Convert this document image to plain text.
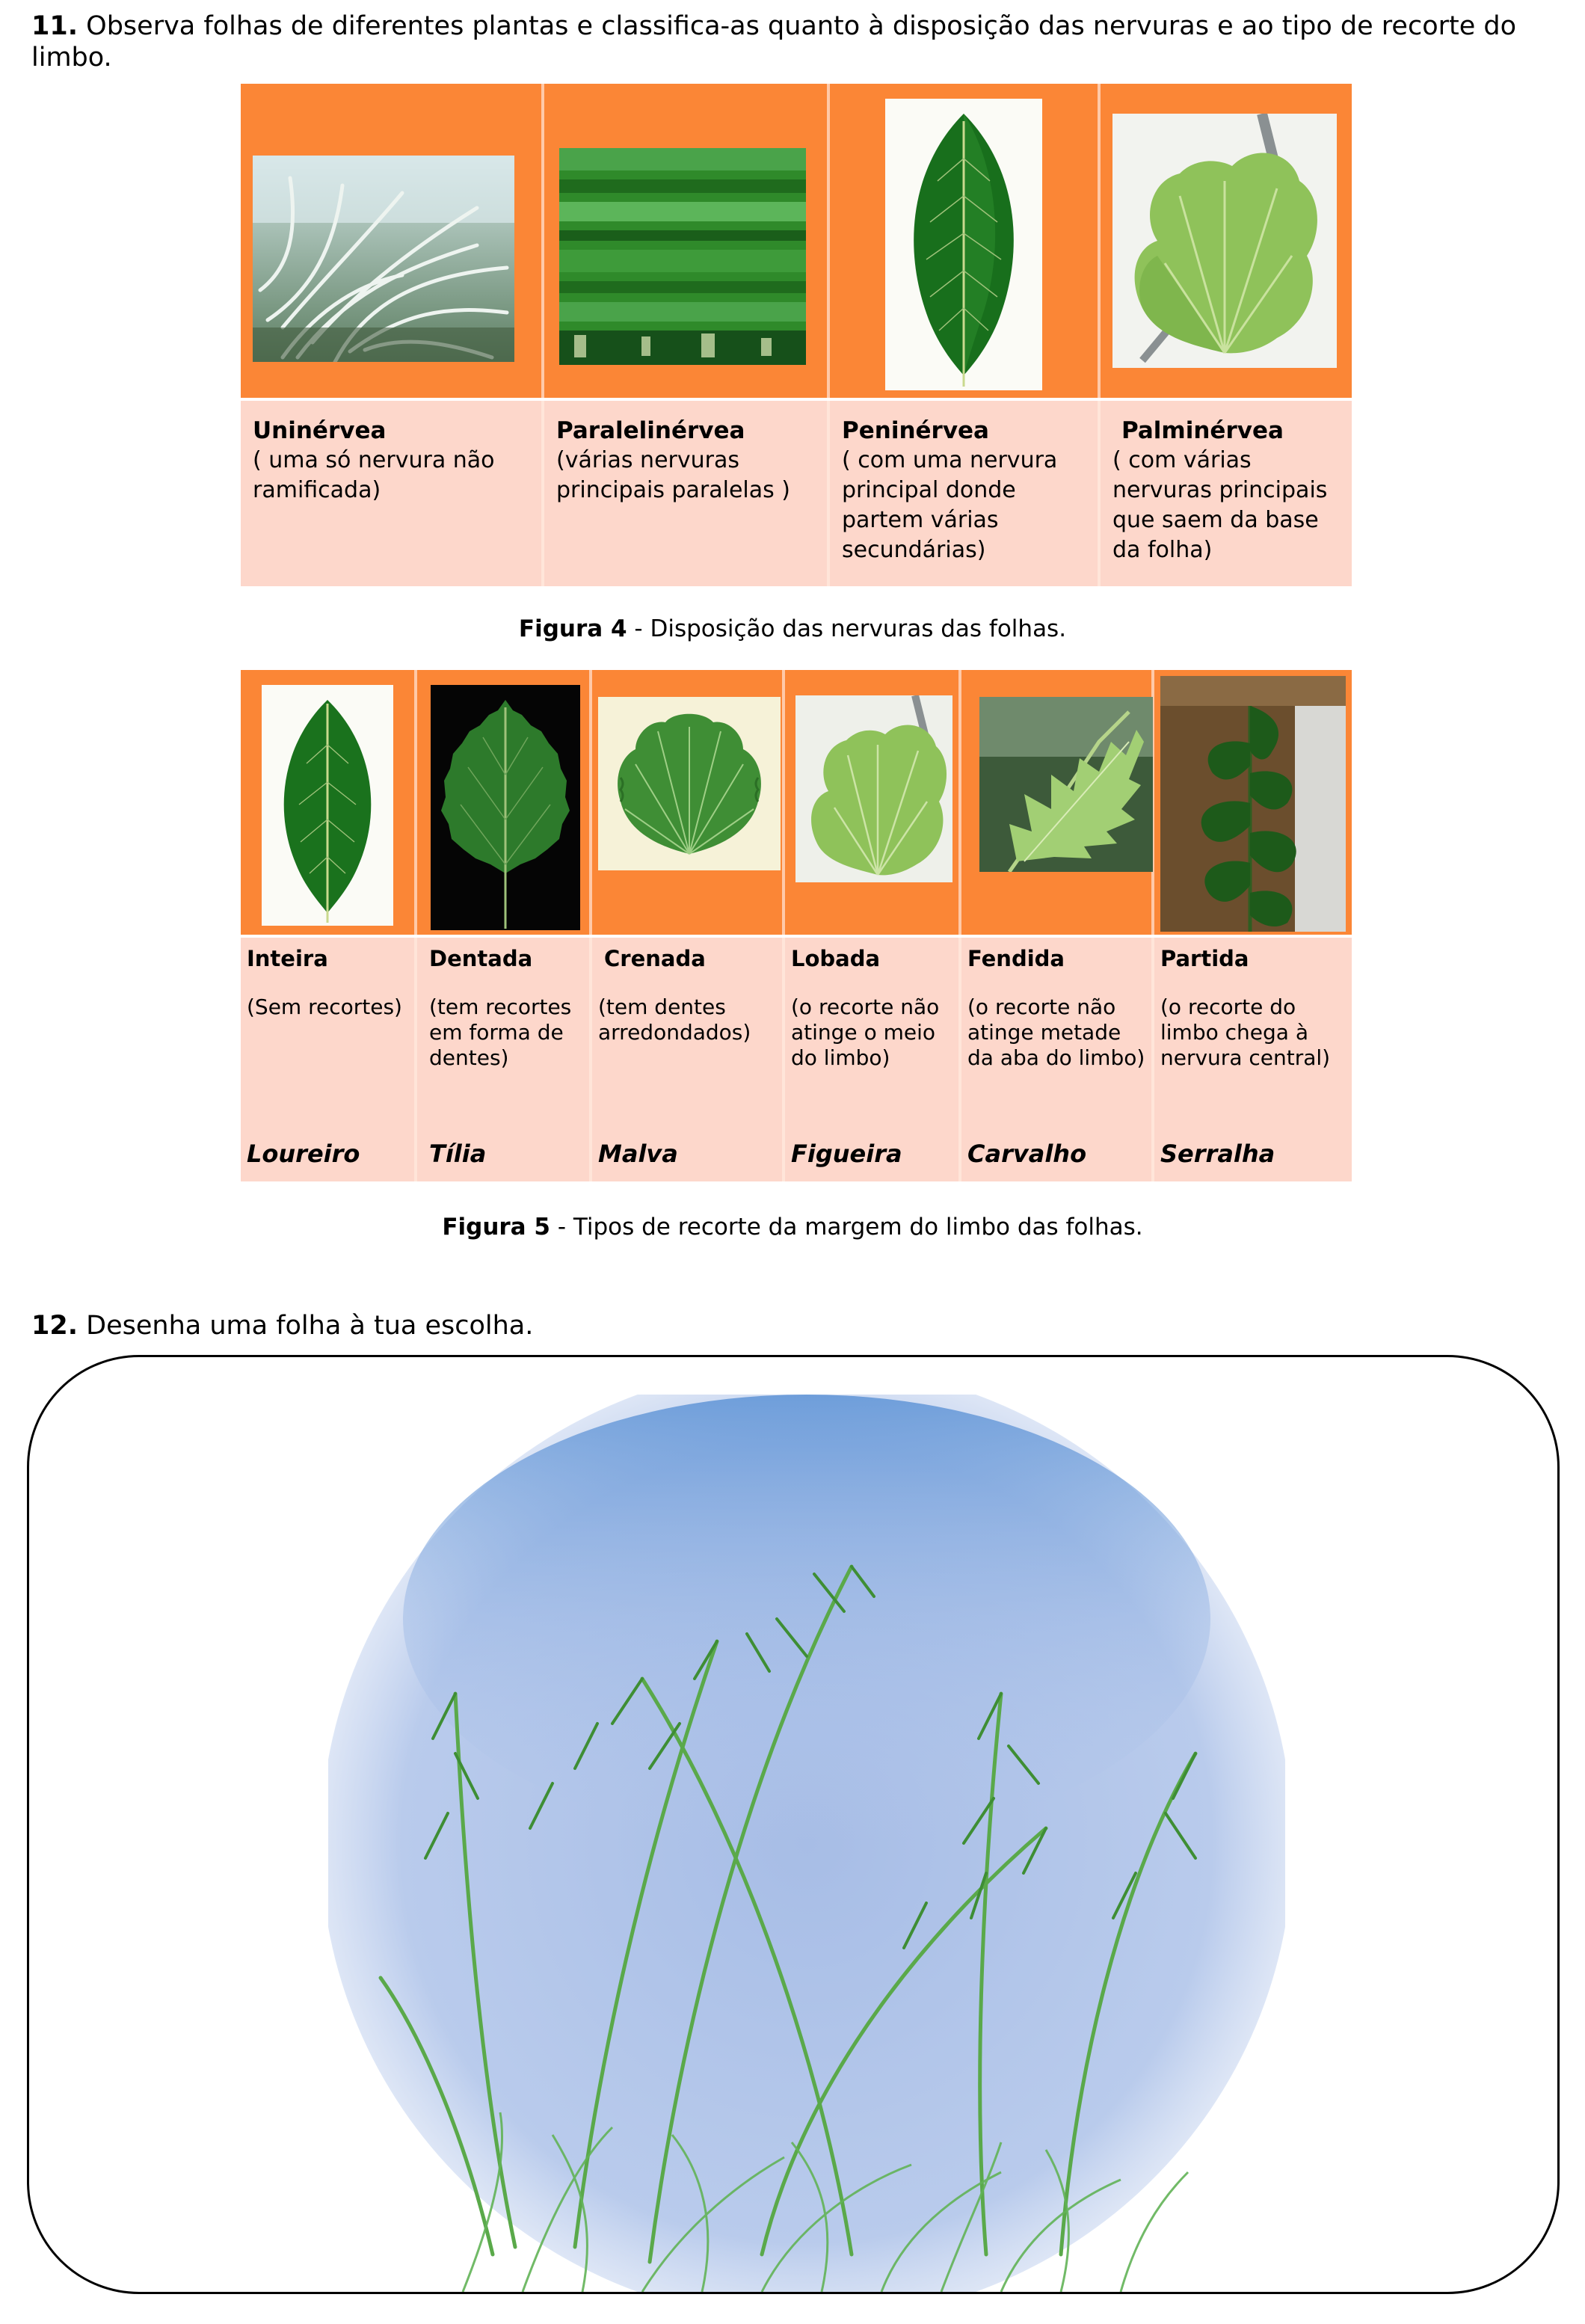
11. Observa folhas de diferentes plantas e classifica-as quanto à disposição das nervuras e ao tipo de recorte do limbo.
Uninérvea
( uma só nervura não ramificada)
Paralelinérvea
(várias nervuras principais paralelas )
Peninérvea
( com uma nervura principal donde partem várias secundárias)
Palminérvea
( com várias nervuras principais que saem da base da folha)
Figura 4 - Disposição das nervuras das folhas.
Inteira
(Sem recortes)
Loureiro
Dentada
(tem recortes em forma de dentes)
Tília
Crenada
(tem dentes arredondados)
Malva
Lobada
(o recorte não atinge o meio do limbo)
Figueira
Fendida
(o recorte não atinge metade da aba do limbo)
Carvalho
Partida
(o recorte do limbo chega à nervura central)
Serralha
Figura 5 - Tipos de recorte da margem do limbo das folhas.
12. Desenha uma folha à tua escolha.
